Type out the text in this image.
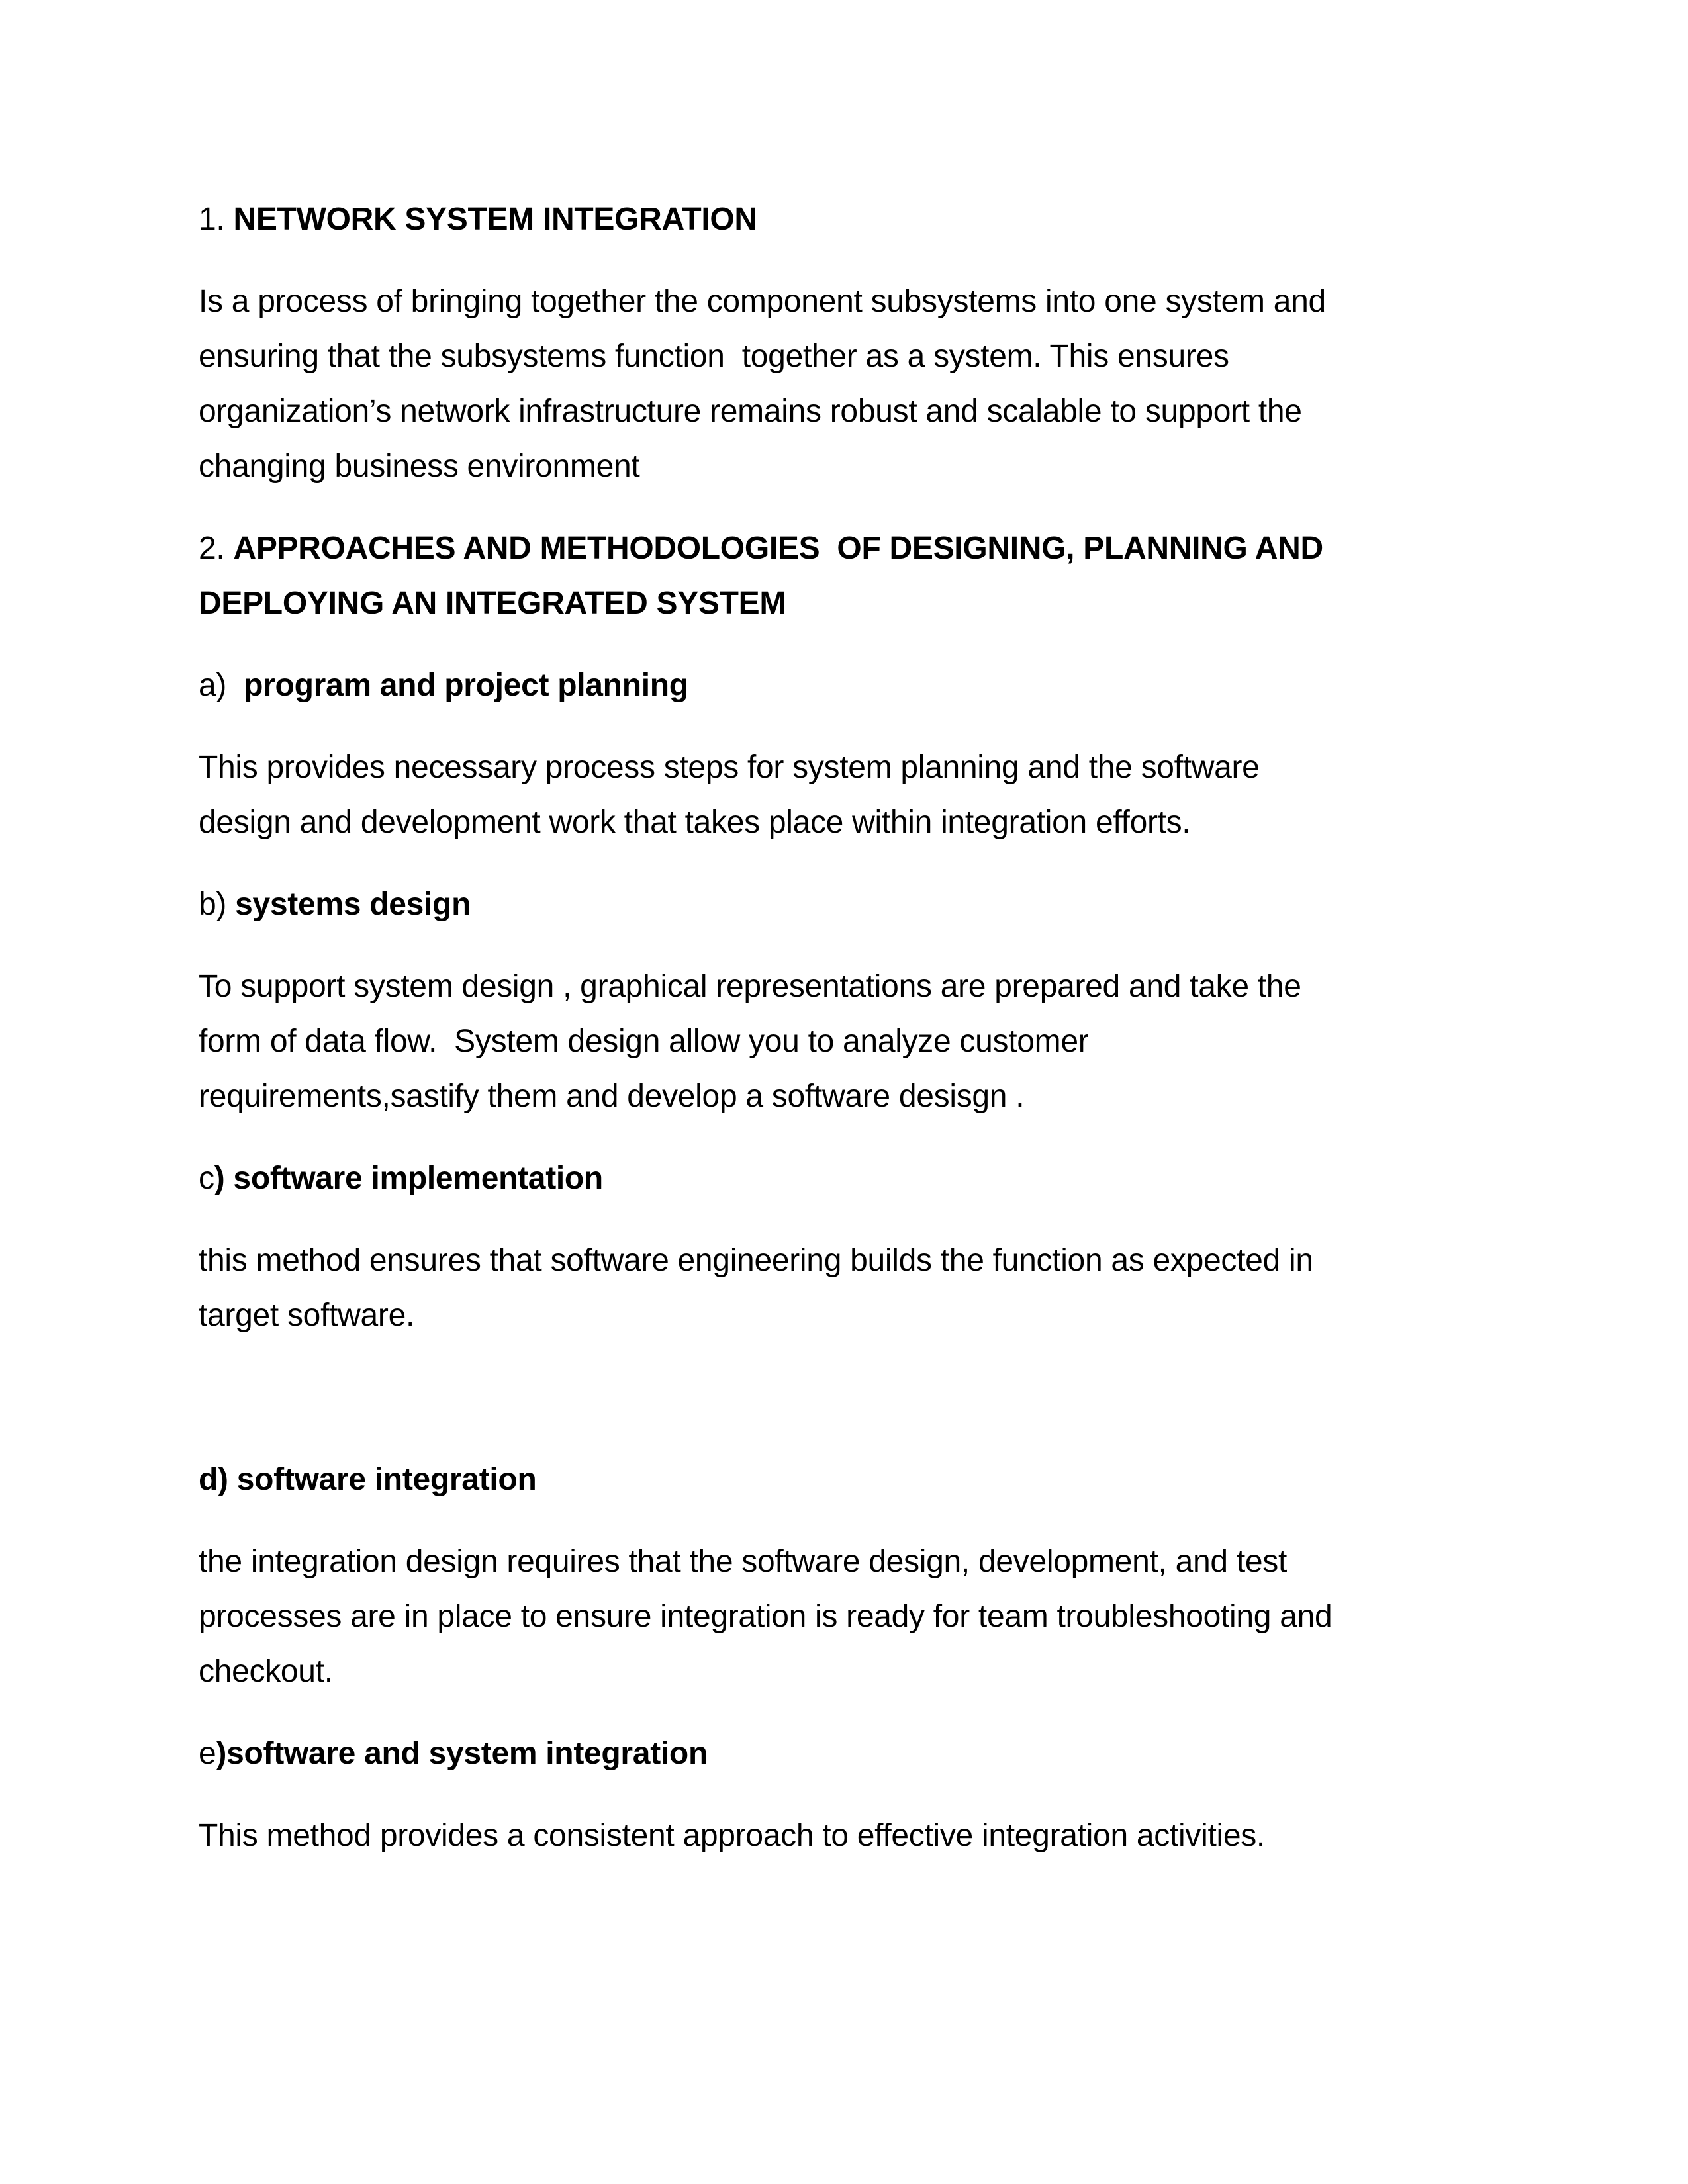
1. NETWORK SYSTEM INTEGRATION

Is a process of bringing together the component subsystems into one system and ensuring that the subsystems function  together as a system. This ensures organization’s network infrastructure remains robust and scalable to support the changing business environment

2. APPROACHES AND METHODOLOGIES  OF DESIGNING, PLANNING AND DEPLOYING AN INTEGRATED SYSTEM

a)  program and project planning

This provides necessary process steps for system planning and the software design and development work that takes place within integration efforts.

b) systems design

To support system design , graphical representations are prepared and take the form of data flow.  System design allow you to analyze customer requirements,sastify them and develop a software desisgn .

c) software implementation

this method ensures that software engineering builds the function as expected in target software.

d) software integration

the integration design requires that the software design, development, and test processes are in place to ensure integration is ready for team troubleshooting and checkout.

e)software and system integration

This method provides a consistent approach to effective integration activities.
